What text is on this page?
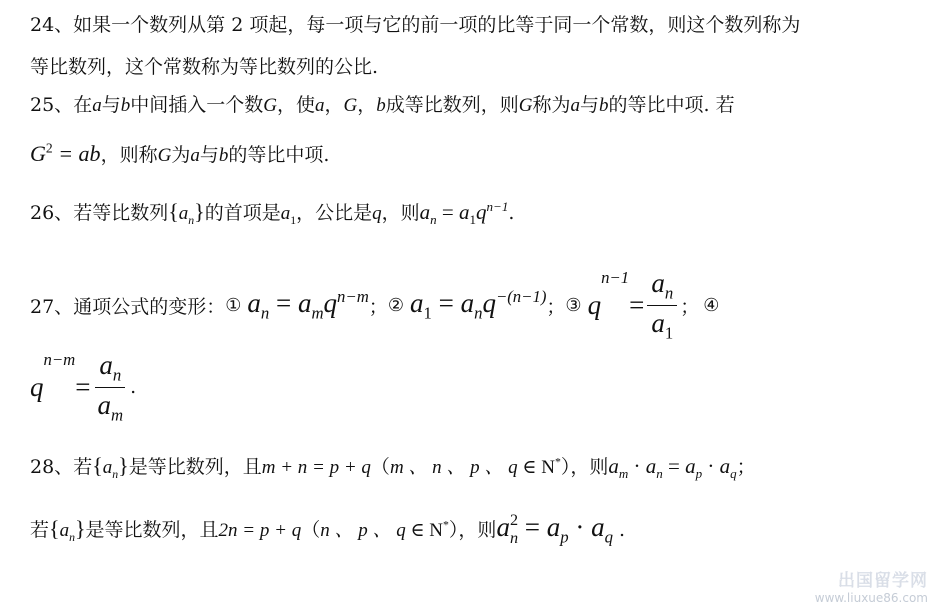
24、如果一个数列从第 2 项起，每一项与它的前一项的比等于同一个常数，则这个数列称为
等比数列，这个常数称为等比数列的公比.
25、在a与b中间插入一个数G，使a，G，b成等比数列，则G称为a与b的等比中项. 若
$G^2$ = ab，则称G为a与b的等比中项.
26、若等比数列$\{a_n\}$的首项是$a_1$，公比是q，则$a_n = a_1q^{n-1}$.
27、 通项公式的变形： ① $a_n = a_mq^{n-m}$ ； ② $a_1 = a_nq^{-(n-1)}$ ； ③ q
n−1
= $\frac{a_n}{a_1}$ ； ④
q
n−m
= $\frac{a_n}{a_m}$ .
28、若$\{a_n\}$是等比数列，且m + n = p + q（m 、 n 、 p 、 q ∈ N*），则$a_m \cdot a_n = a_p \cdot a_q$；
若$\{a_n\}$是等比数列，且2n = p + q（n 、 p 、 q ∈ N*），则a 2
$n = a_p \cdot a_q$ .
出国留学网
www.liuxue86.com
